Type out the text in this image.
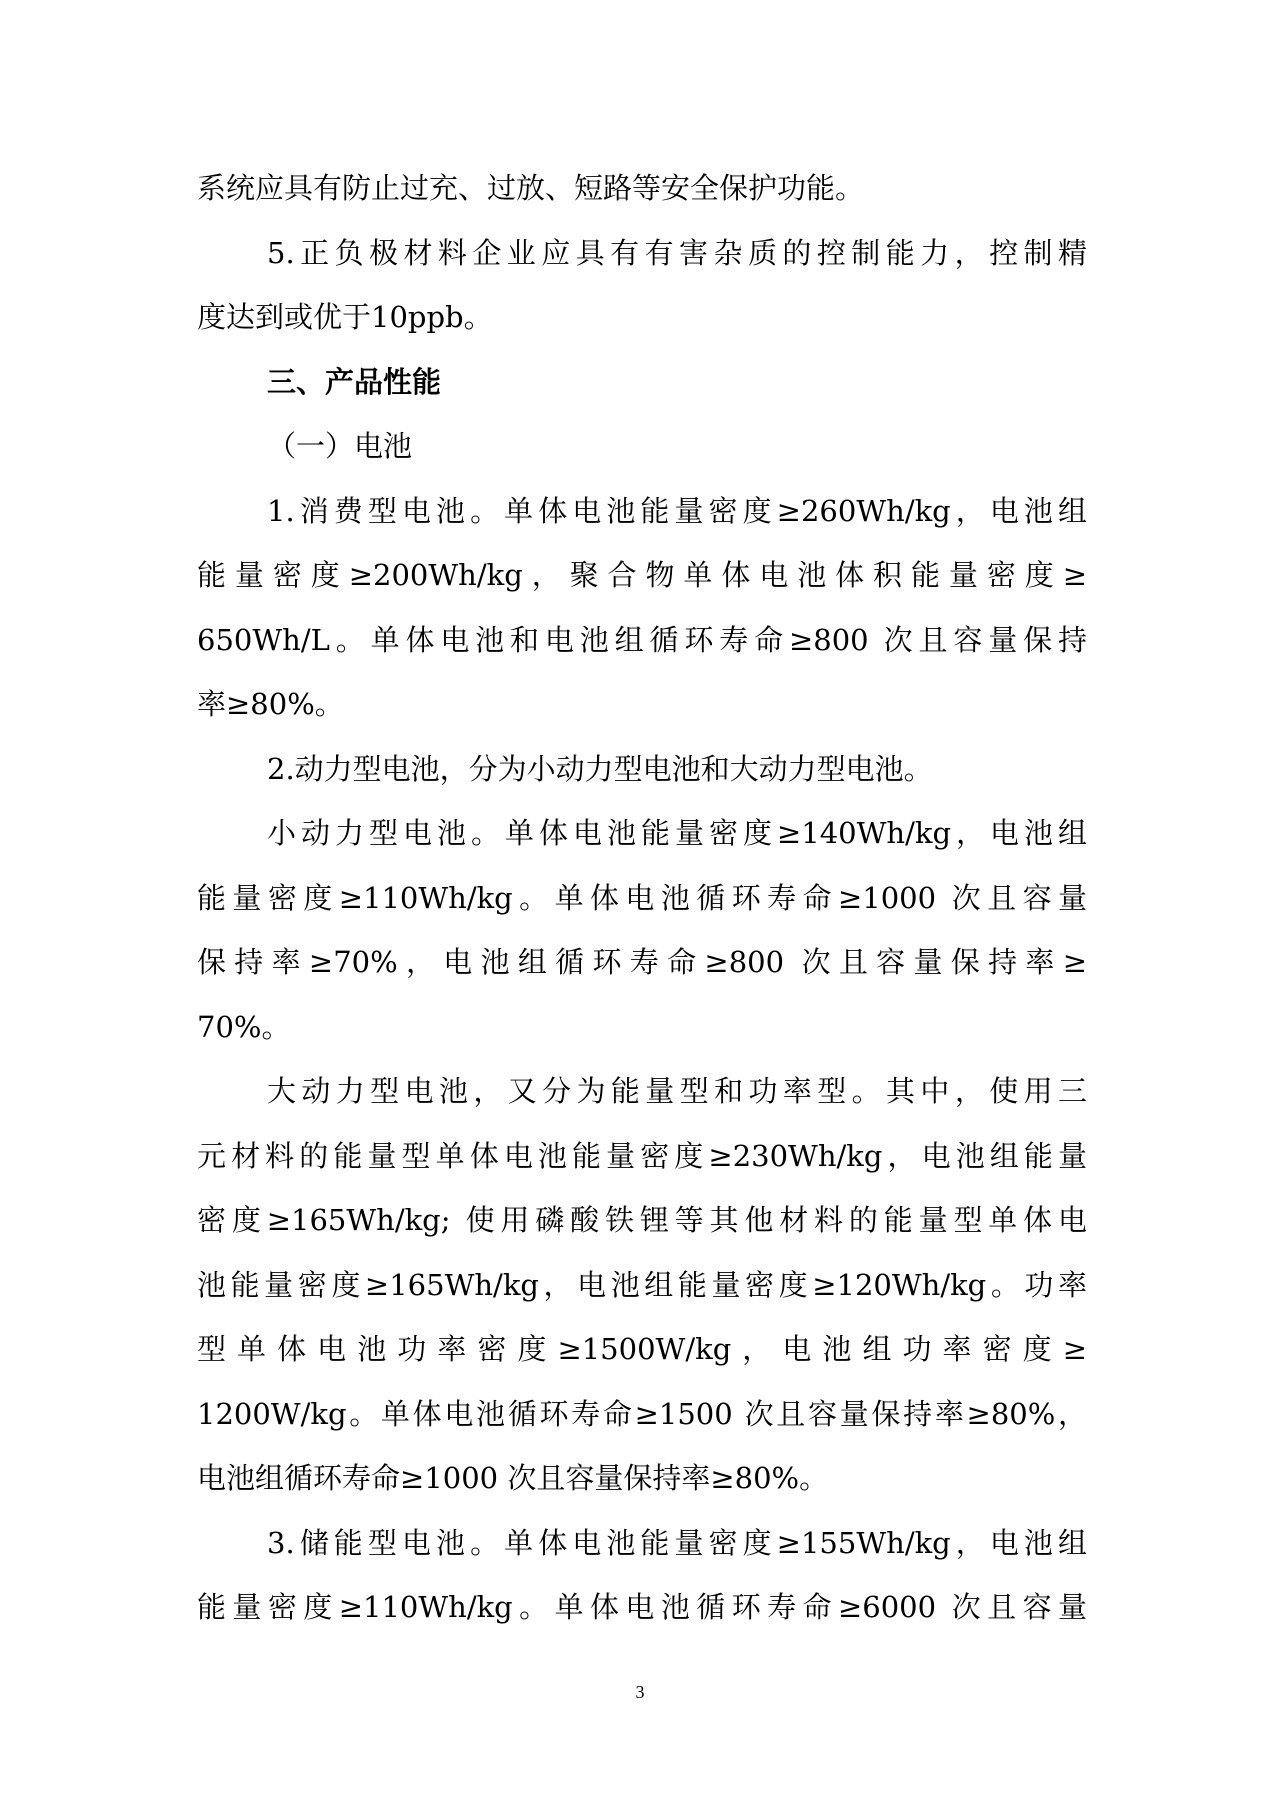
系统应具有防止过充、过放、短路等安全保护功能。
5.正负极材料企业应具有有害杂质的控制能力，控制精
度达到或优于10ppb。
三、产品性能
（一）电池
1.消费型电池。单体电池能量密度≥260Wh/kg，电池组
能量密度≥200Wh/kg，聚合物单体电池体积能量密度≥
650Wh/L。单体电池和电池组循环寿命≥800 次且容量保持
率≥80%。
2.动力型电池，分为小动力型电池和大动力型电池。
小动力型电池。单体电池能量密度≥140Wh/kg，电池组
能量密度≥110Wh/kg。单体电池循环寿命≥1000 次且容量
保持率≥70%，电池组循环寿命≥800 次且容量保持率≥
70%。
大动力型电池，又分为能量型和功率型。其中，使用三
元材料的能量型单体电池能量密度≥230Wh/kg，电池组能量
密度≥165Wh/kg; 使用磷酸铁锂等其他材料的能量型单体电
池能量密度≥165Wh/kg，电池组能量密度≥120Wh/kg。功率
型单体电池功率密度≥1500W/kg，电池组功率密度≥
1200W/kg。单体电池循环寿命≥1500 次且容量保持率≥80%，
电池组循环寿命≥1000 次且容量保持率≥80%。
3.储能型电池。单体电池能量密度≥155Wh/kg，电池组
能量密度≥110Wh/kg。单体电池循环寿命≥6000 次且容量
3
